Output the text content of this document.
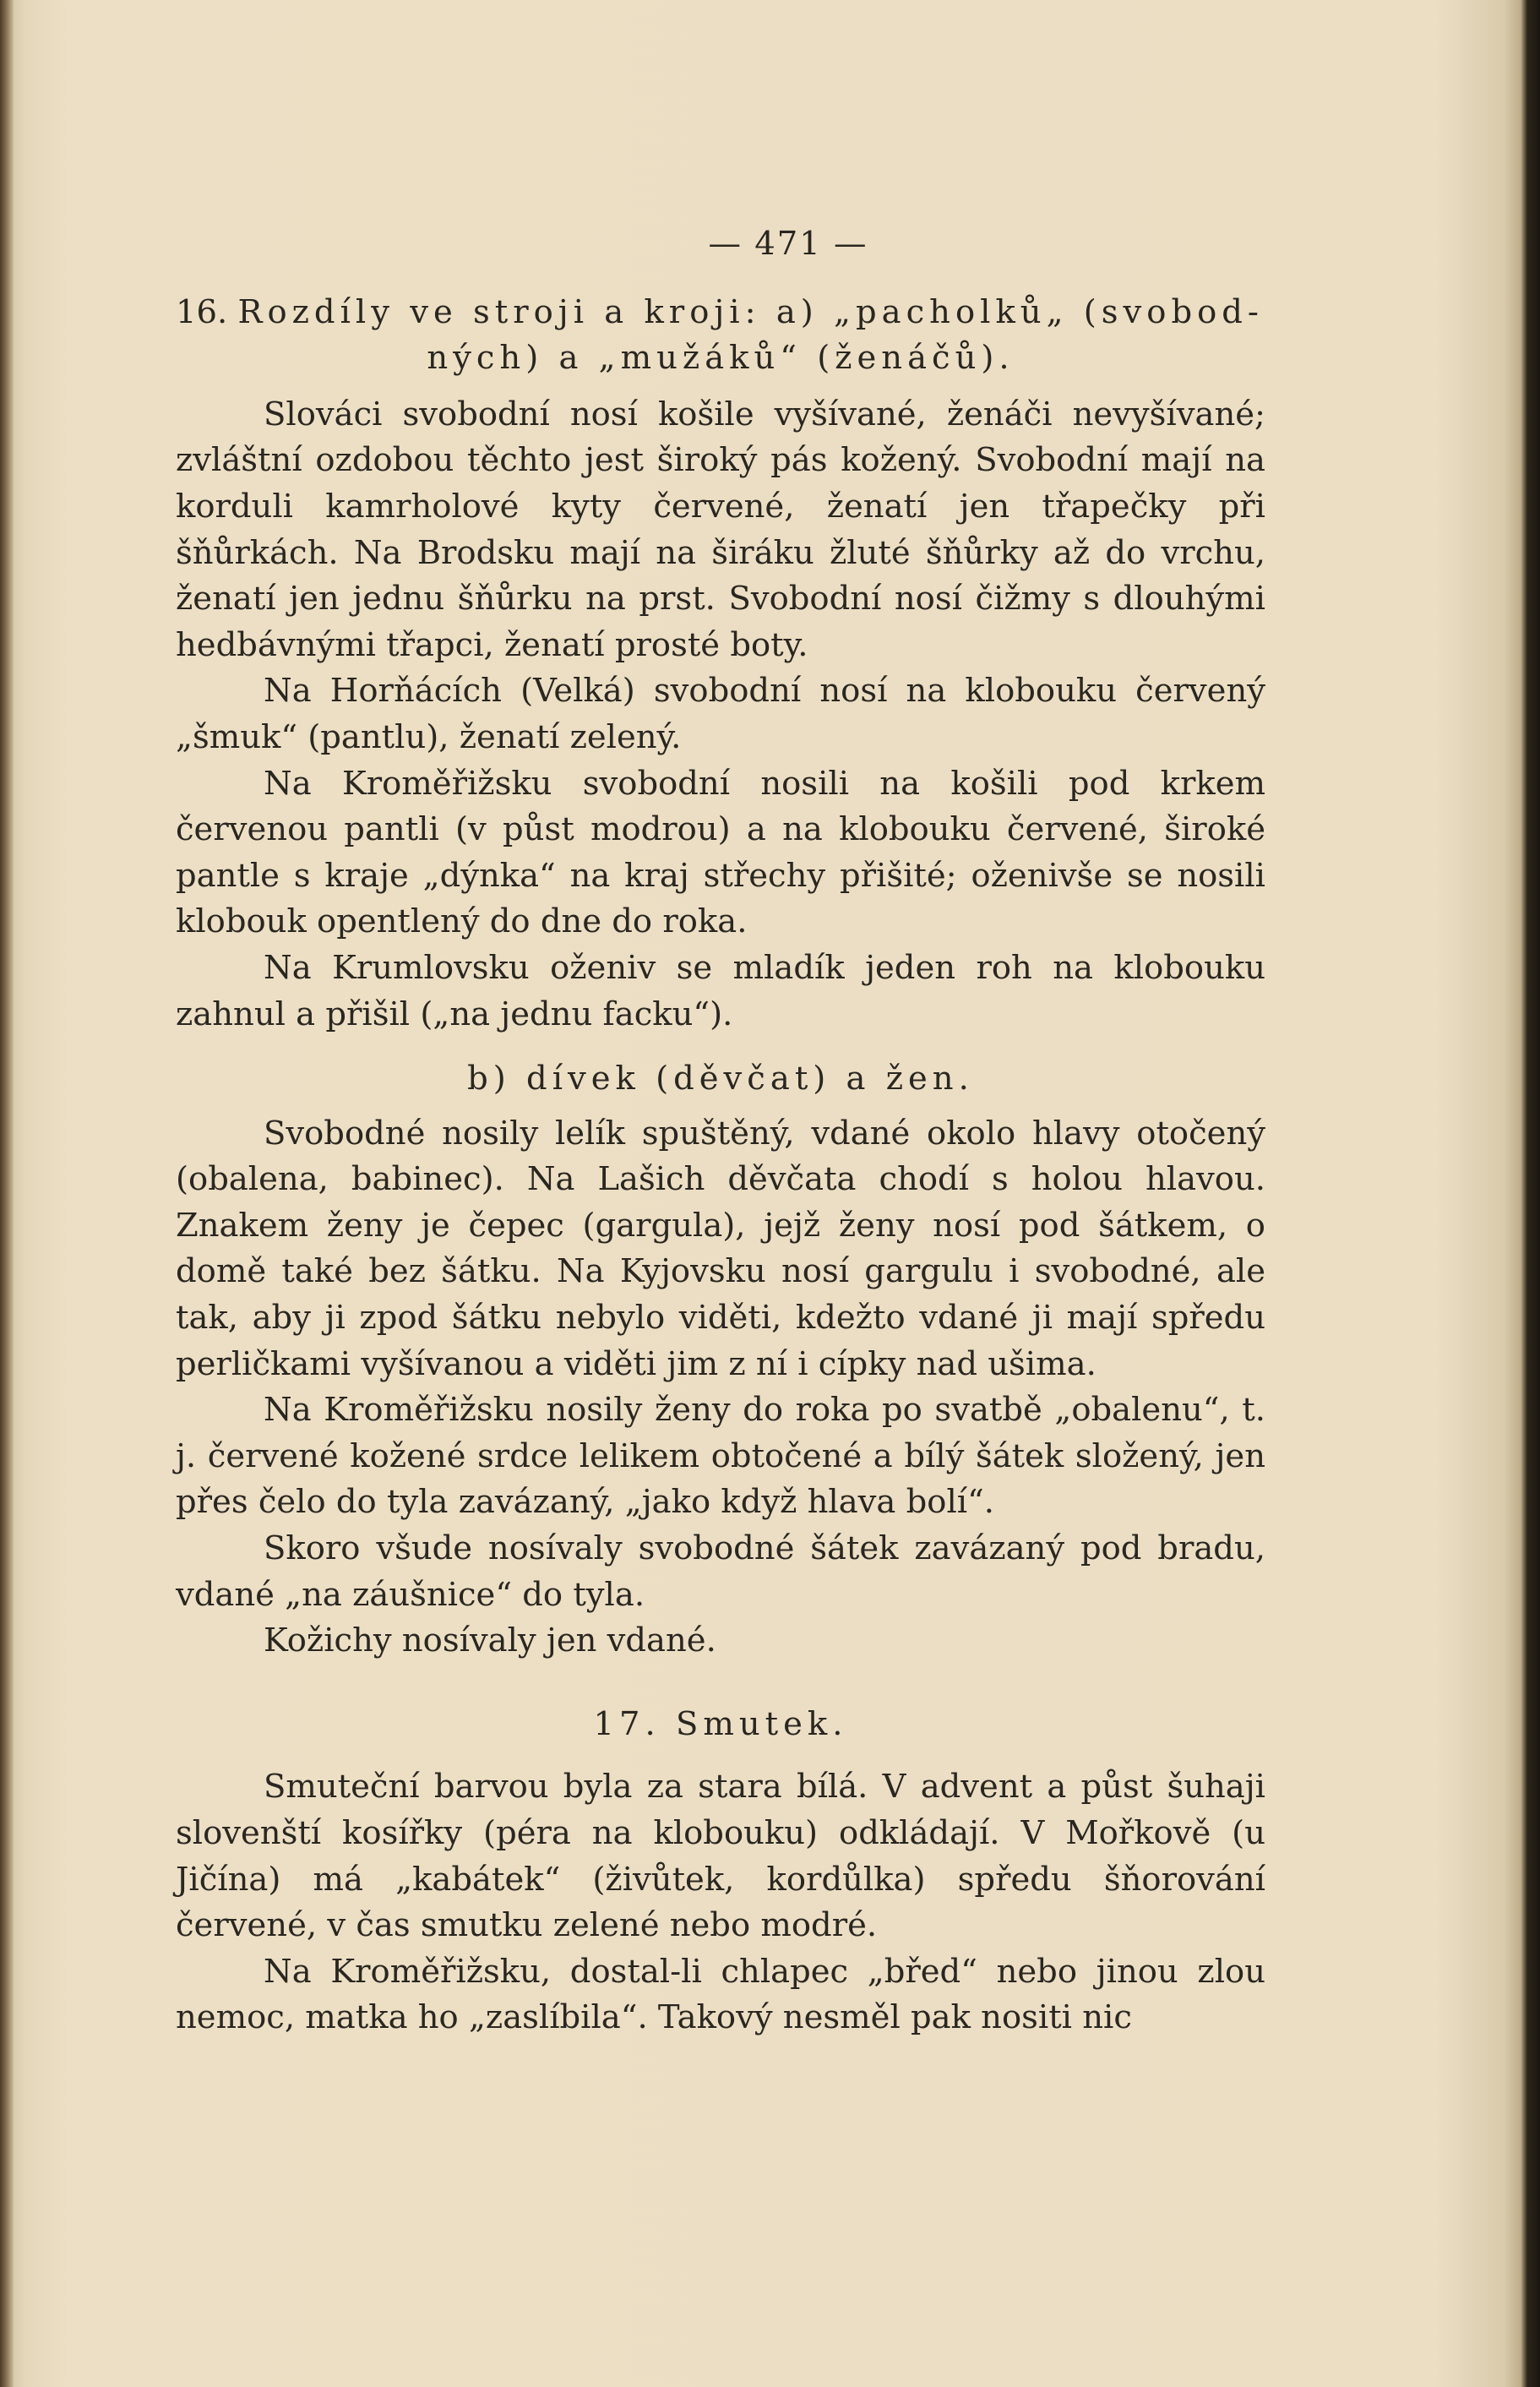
— 471 —
16. Rozdíly ve stroji a kroji: a) „pacholků„ (svobod-
ných) a „mužáků“ (ženáčů).

Slováci svobodní nosí košile vyšívané, ženáči nevyšívané; zvláštní ozdobou těchto jest široký pás kožený. Svobodní mají na korduli kamrholové kyty červené, ženatí jen třapečky při šňůrkách. Na Brodsku mají na širáku žluté šňůrky až do vrchu, ženatí jen jednu šňůrku na prst. Svobodní nosí čižmy s dlouhými hedbávnými třapci, ženatí prosté boty.

Na Horňácích (Velká) svobodní nosí na klobouku červený „šmuk“ (pantlu), ženatí zelený.

Na Kroměřižsku svobodní nosili na košili pod krkem červenou pantli (v půst modrou) a na klobouku červené, široké pantle s kraje „dýnka“ na kraj střechy přišité; oženivše se nosili klobouk opentlený do dne do roka.

Na Krumlovsku oženiv se mladík jeden roh na klobouku zahnul a přišil („na jednu facku“).

b) dívek (děvčat) a žen.

Svobodné nosily lelík spuštěný, vdané okolo hlavy otočený (obalena, babinec). Na Lašich děvčata chodí s holou hlavou. Znakem ženy je čepec (gargula), jejž ženy nosí pod šátkem, o domě také bez šátku. Na Kyjovsku nosí gargulu i svobodné, ale tak, aby ji zpod šátku nebylo viděti, kdežto vdané ji mají spředu perličkami vyšívanou a viděti jim z ní i cípky nad ušima.

Na Kroměřižsku nosily ženy do roka po svatbě „obalenu“, t. j. červené kožené srdce lelikem obtočené a bílý šátek složený, jen přes čelo do tyla zavázaný, „jako když hlava bolí“.

Skoro všude nosívaly svobodné šátek zavázaný pod bradu, vdané „na záušnice“ do tyla.

Kožichy nosívaly jen vdané.

17. Smutek.

Smuteční barvou byla za stara bílá. V advent a půst šuhaji slovenští kosířky (péra na klobouku) odkládají. V Mořkově (u Jičína) má „kabátek“ (živůtek, kordůlka) spředu šňorování červené, v čas smutku zelené nebo modré.

Na Kroměřižsku, dostal-li chlapec „břed“ nebo jinou zlou nemoc, matka ho „zaslíbila“. Takový nesměl pak nositi nic
